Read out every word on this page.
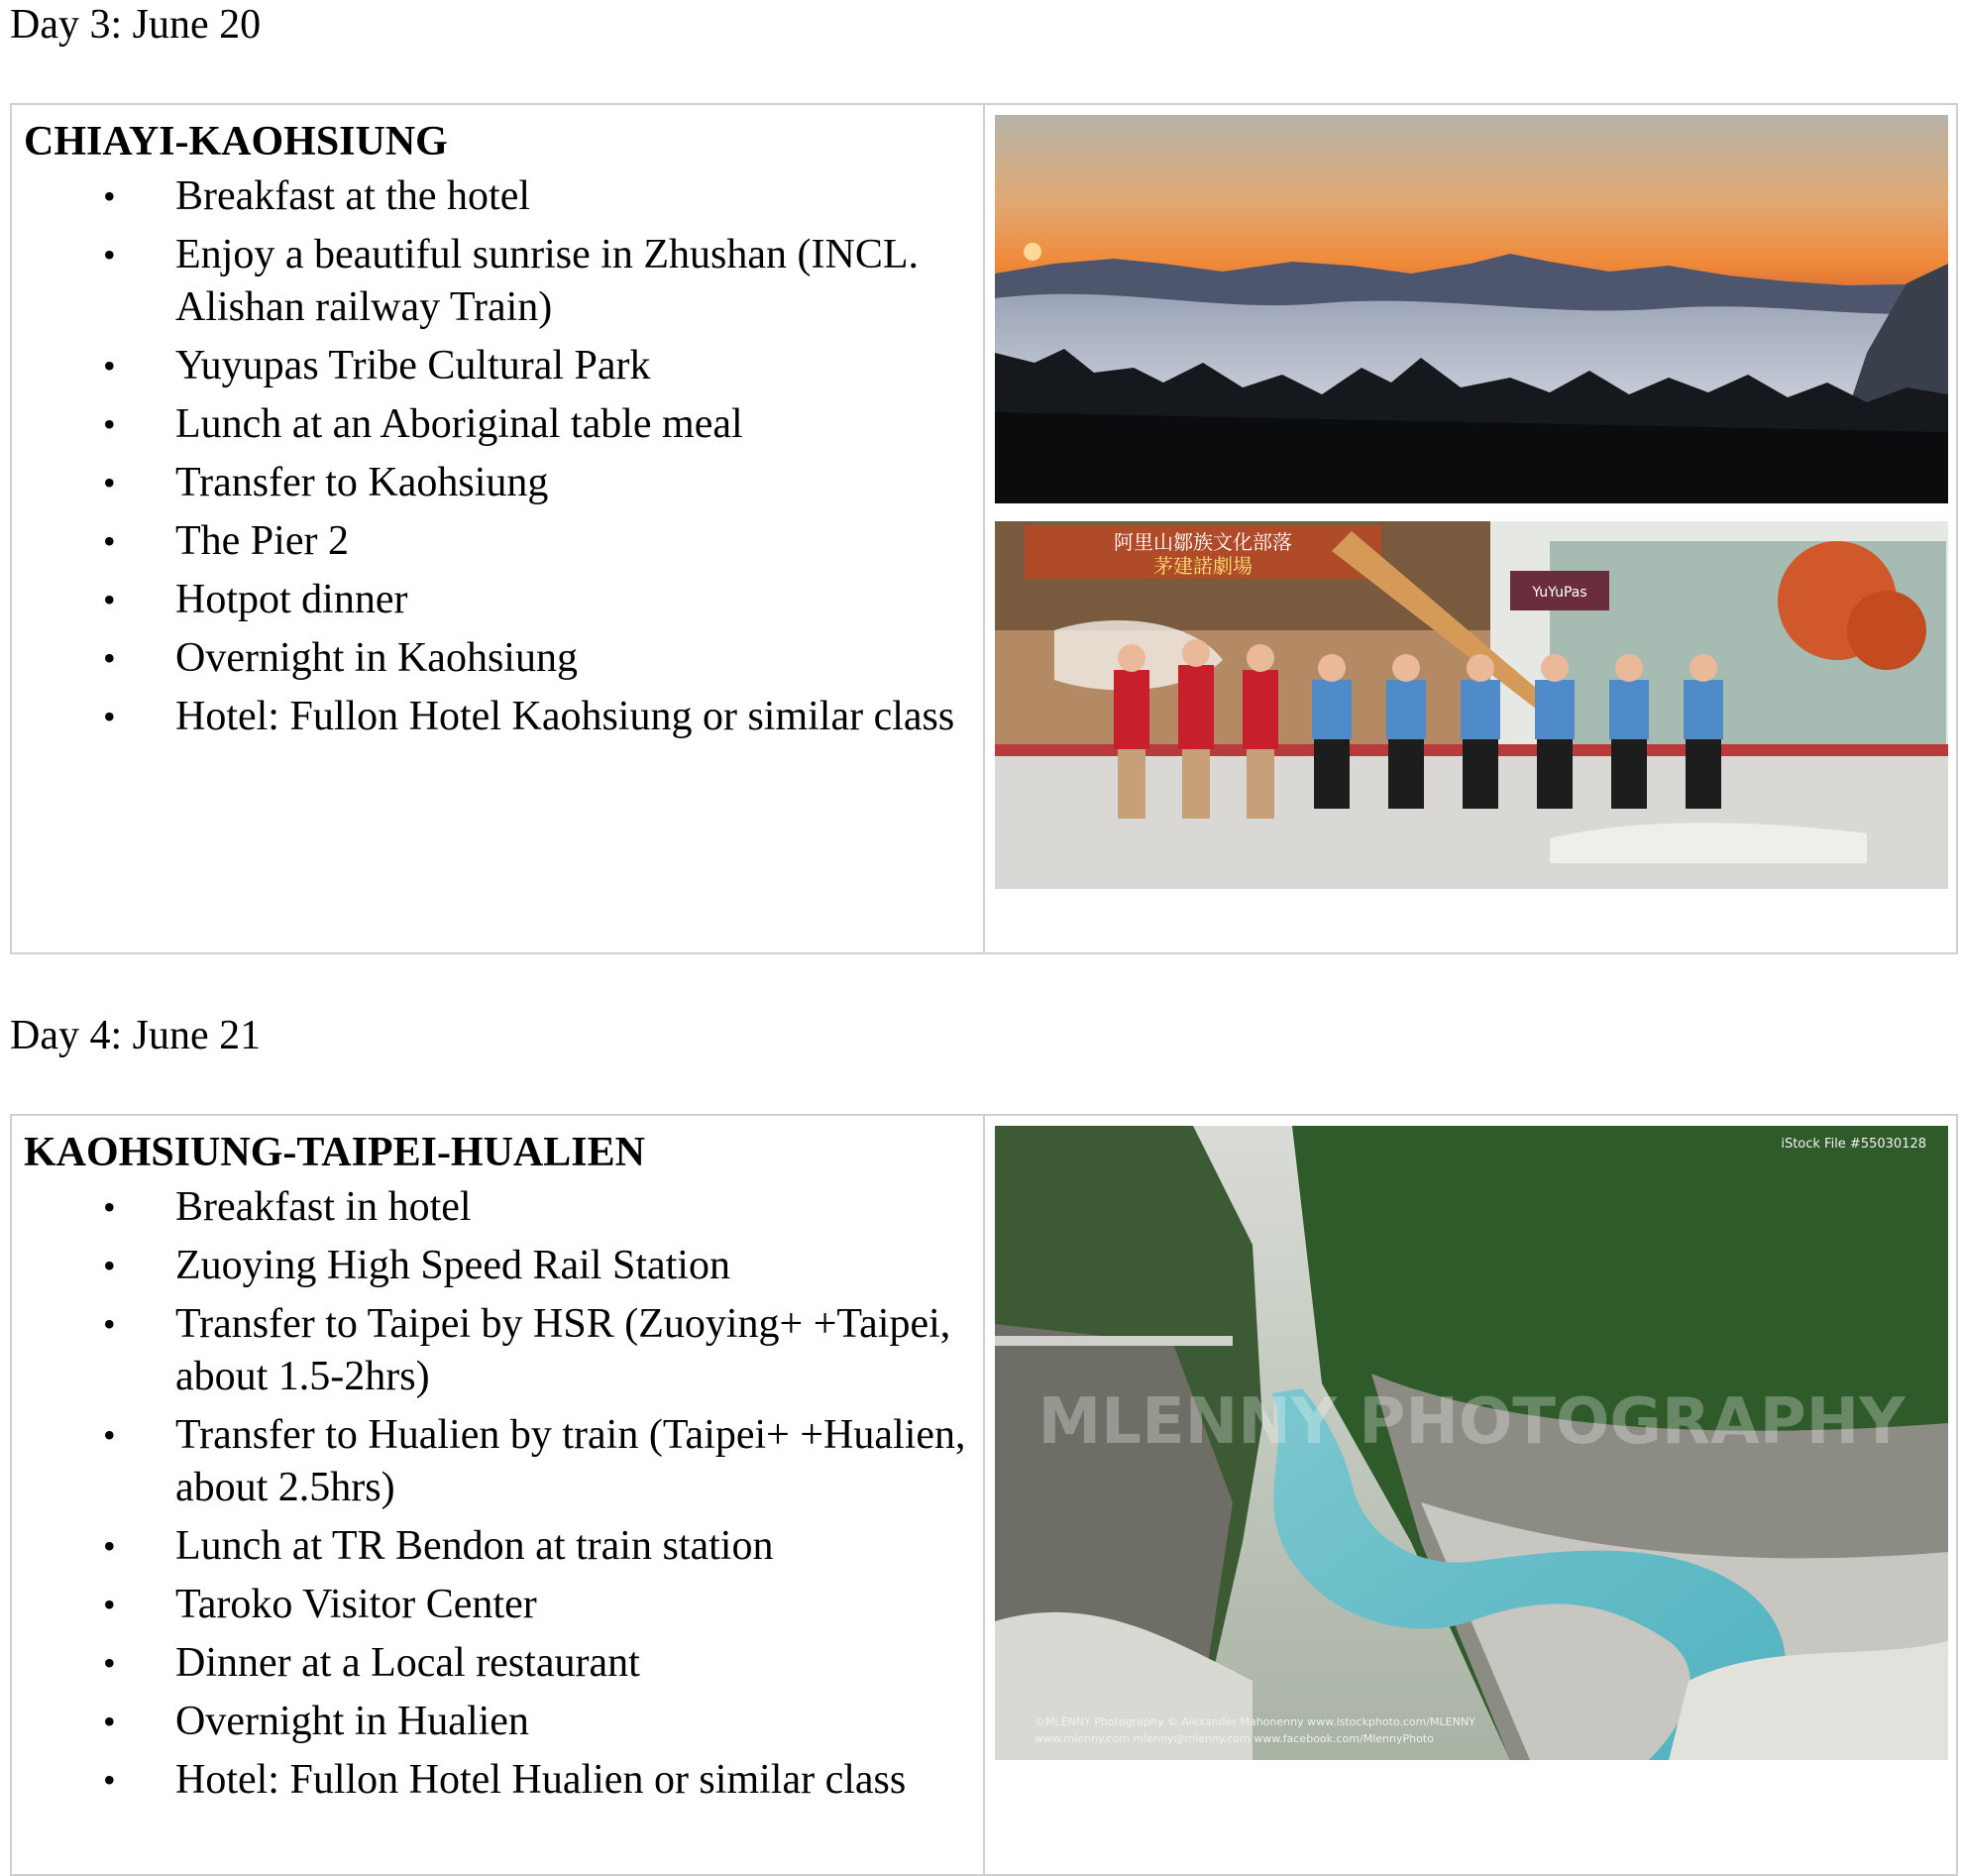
Day 3: June 20
CHIAYI-KAOHSIUNG
• Breakfast at the hotel
• Enjoy a beautiful sunrise in Zhushan (INCL. Alishan railway Train)
• Yuyupas Tribe Cultural Park
• Lunch at an Aboriginal table meal
• Transfer to Kaohsiung
• The Pier 2
• Hotpot dinner
• Overnight in Kaohsiung
• Hotel: Fullon Hotel Kaohsiung or similar class
阿里山鄒族文化部落
茅建諾劇場
YuYuPas
Day 4: June 21
KAOHSIUNG-TAIPEI-HUALIEN
• Breakfast in hotel
• Zuoying High Speed Rail Station
• Transfer to Taipei by HSR (Zuoying+ +Taipei, about 1.5-2hrs)
• Transfer to Hualien by train (Taipei+ +Hualien, about 2.5hrs)
• Lunch at TR Bendon at train station
• Taroko Visitor Center
• Dinner at a Local restaurant
• Overnight in Hualien
• Hotel: Fullon Hotel Hualien or similar class
iStock File #55030128
MLENNY PHOTOGRAPHY
©MLENNY Photography © Alexander Mahonenny www.istockphoto.com/MLENNY
www.mlenny.com mlenny@mlenny.com www.facebook.com/MlennyPhoto
